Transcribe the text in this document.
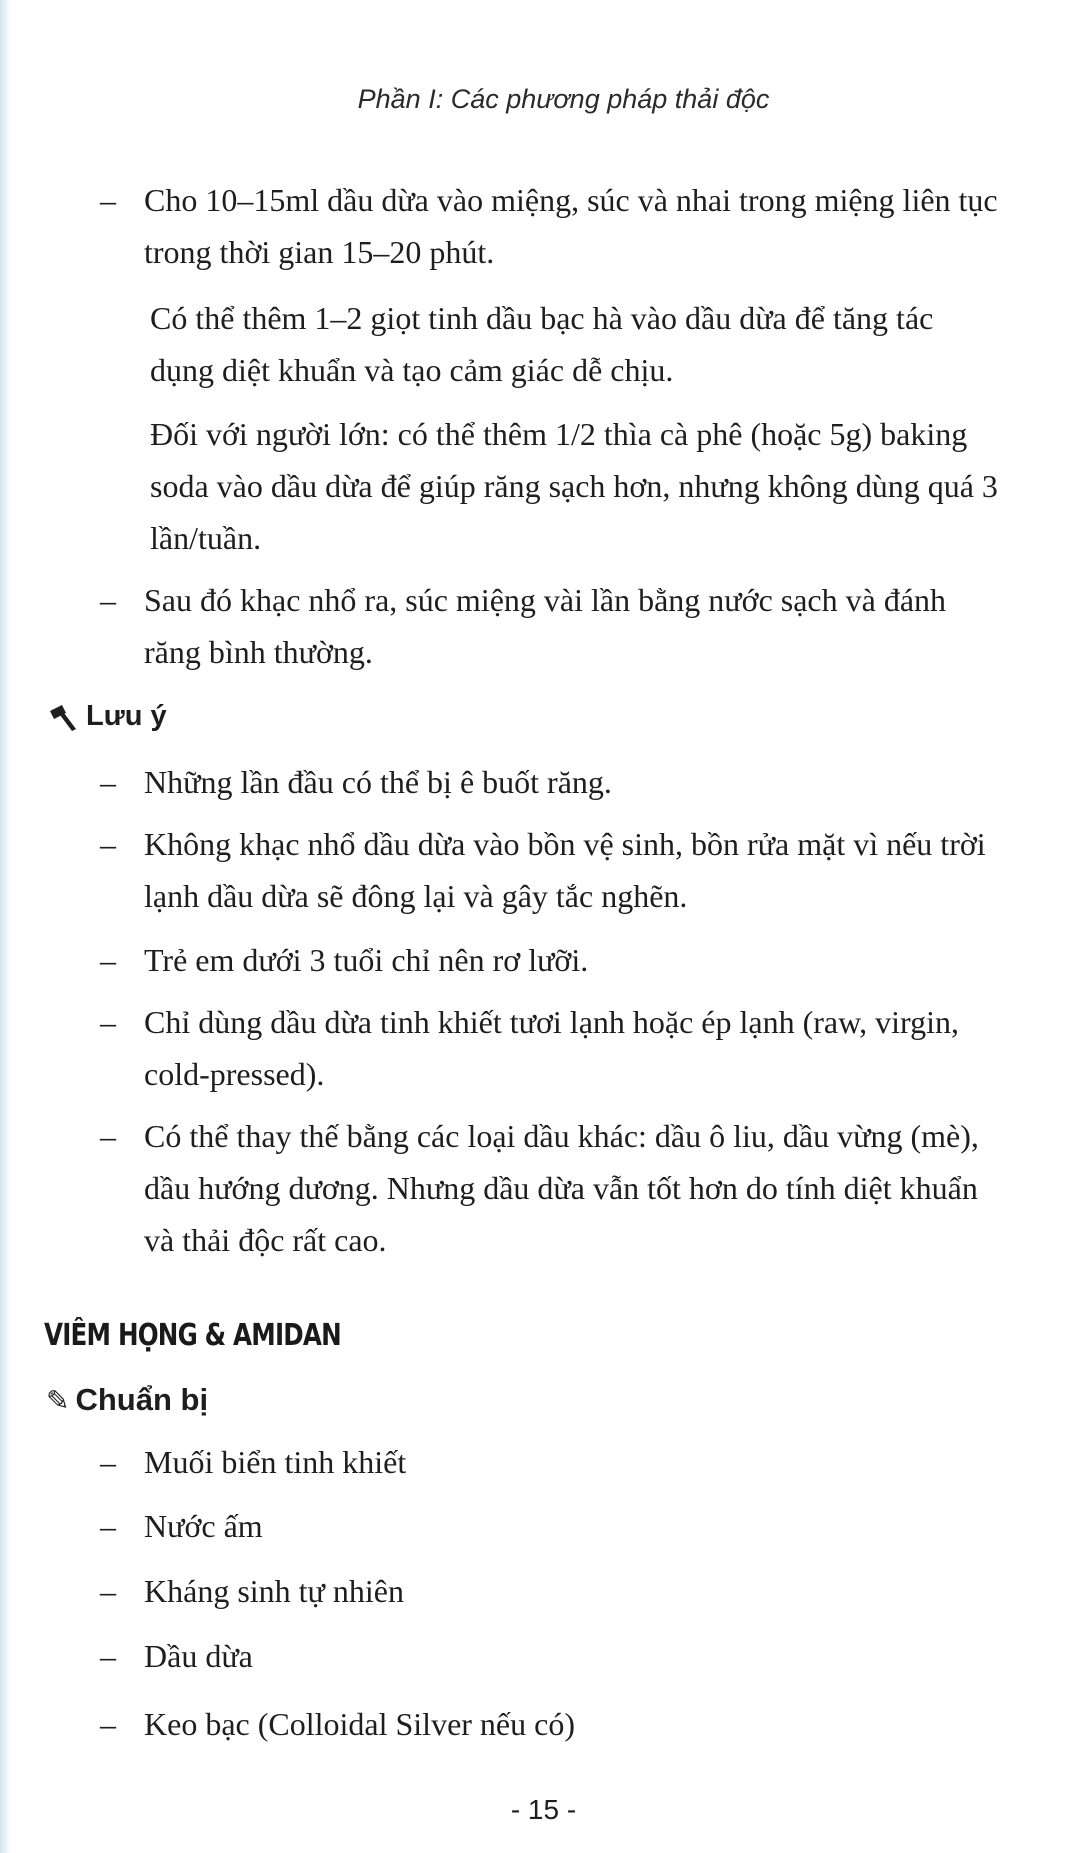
Phần I: Các phương pháp thải độc
– Cho 10–15ml dầu dừa vào miệng, súc và nhai trong miệng liên tục trong thời gian 15–20 phút.
Có thể thêm 1–2 giọt tinh dầu bạc hà vào dầu dừa để tăng tác dụng diệt khuẩn và tạo cảm giác dễ chịu.
Đối với người lớn: có thể thêm 1/2 thìa cà phê (hoặc 5g) baking soda vào dầu dừa để giúp răng sạch hơn, nhưng không dùng quá 3 lần/tuần.
– Sau đó khạc nhổ ra, súc miệng vài lần bằng nước sạch và đánh răng bình thường.
Lưu ý
– Những lần đầu có thể bị ê buốt răng.
– Không khạc nhổ dầu dừa vào bồn vệ sinh, bồn rửa mặt vì nếu trời lạnh dầu dừa sẽ đông lại và gây tắc nghẽn.
– Trẻ em dưới 3 tuổi chỉ nên rơ lưỡi.
– Chỉ dùng dầu dừa tinh khiết tươi lạnh hoặc ép lạnh (raw, virgin, cold-pressed).
– Có thể thay thế bằng các loại dầu khác: dầu ô liu, dầu vừng (mè), dầu hướng dương. Nhưng dầu dừa vẫn tốt hơn do tính diệt khuẩn và thải độc rất cao.
VIÊM HỌNG & AMIDAN
✎ Chuẩn bị
– Muối biển tinh khiết
– Nước ấm
– Kháng sinh tự nhiên
– Dầu dừa
– Keo bạc (Colloidal Silver nếu có)
- 15 -
